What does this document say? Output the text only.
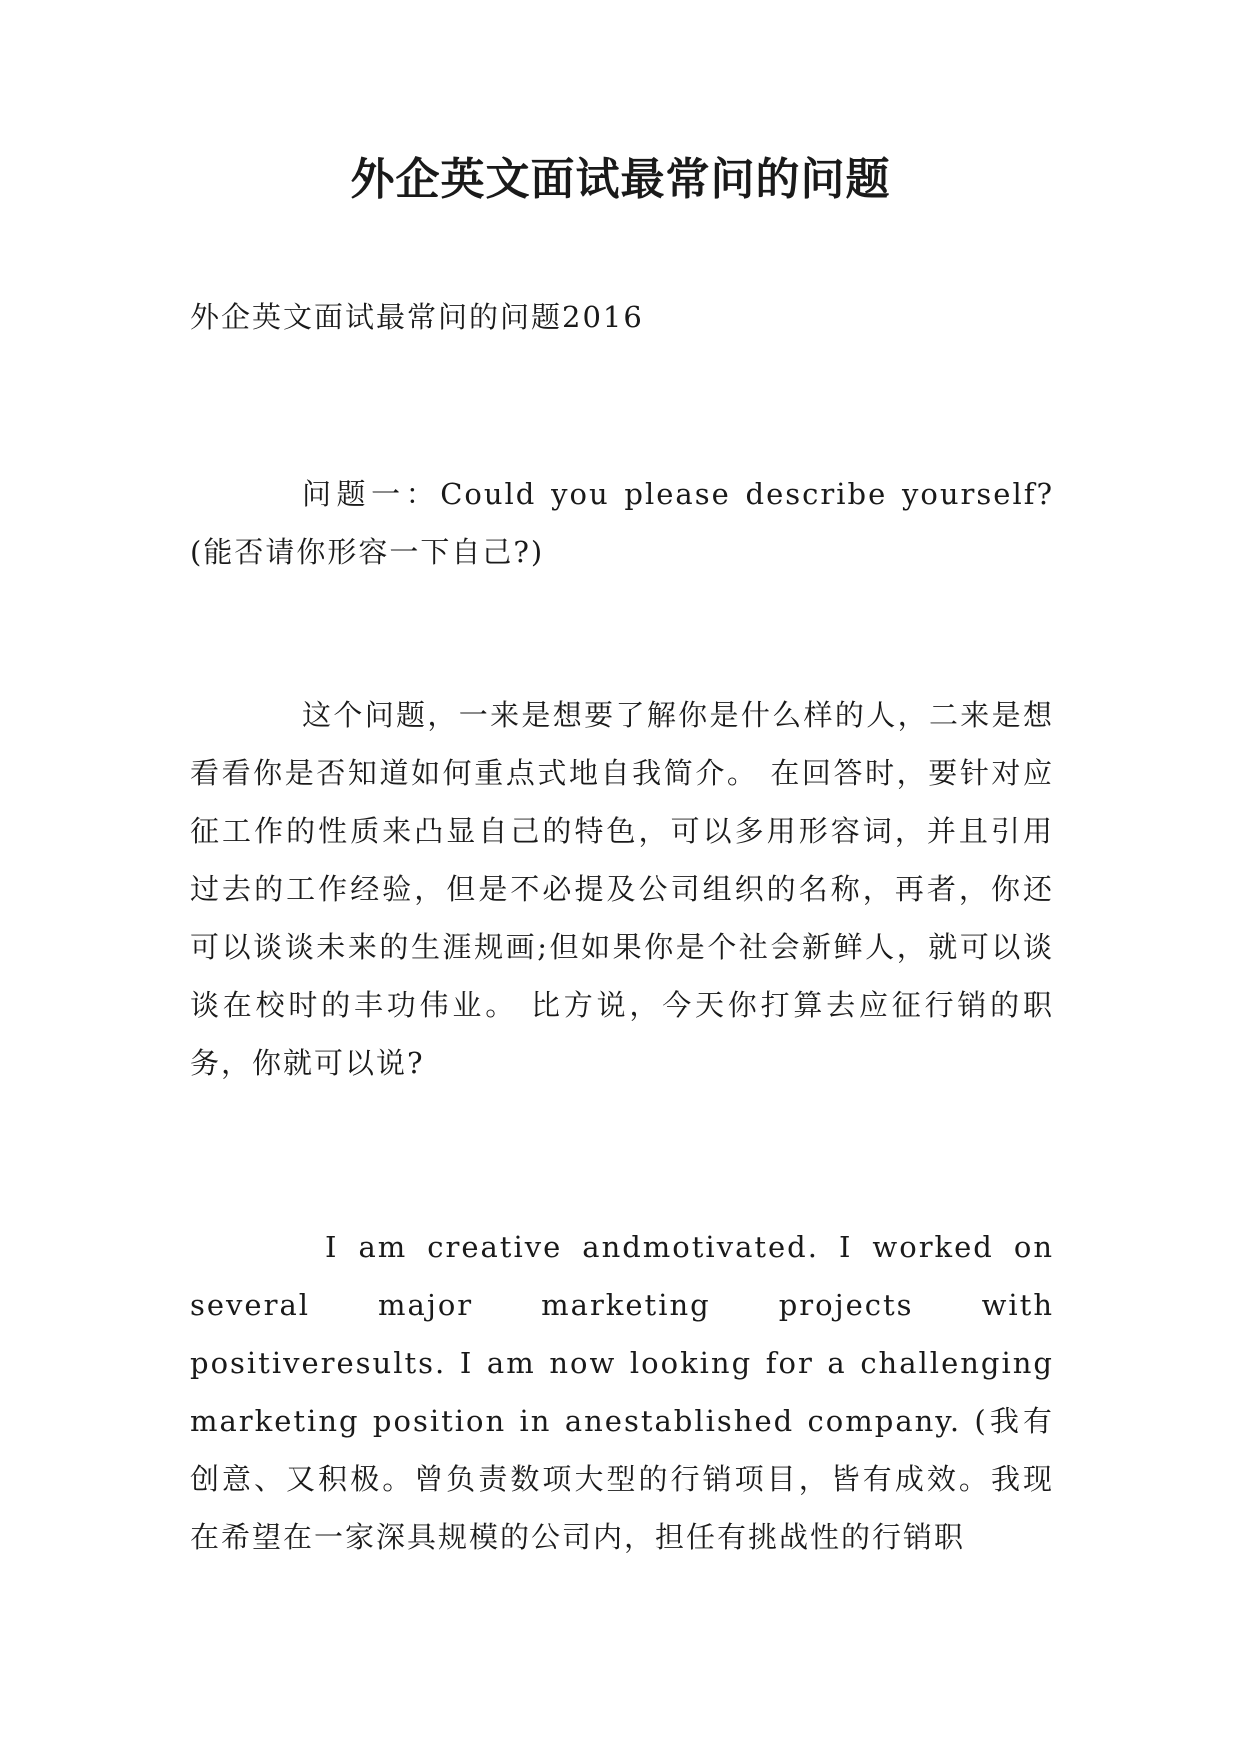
外企英文面试最常问的问题

外企英文面试最常问的问题2016

问题一：Could you please describe yourself?(能否请你形容一下自己?)

这个问题，一来是想要了解你是什么样的人，二来是想看看你是否知道如何重点式地自我简介。 在回答时，要针对应征工作的性质来凸显自己的特色，可以多用形容词，并且引用过去的工作经验，但是不必提及公司组织的名称，再者，你还可以谈谈未来的生涯规画;但如果你是个社会新鲜人，就可以谈谈在校时的丰功伟业。 比方说，今天你打算去应征行销的职务，你就可以说?

I am creative andmotivated. I worked on several major marketing projects with positiveresults. I am now looking for a challenging marketing position in anestablished company. (我有创意、又积极。曾负责数项大型的行销项目，皆有成效。我现在希望在一家深具规模的公司内，担任有挑战性的行销职
